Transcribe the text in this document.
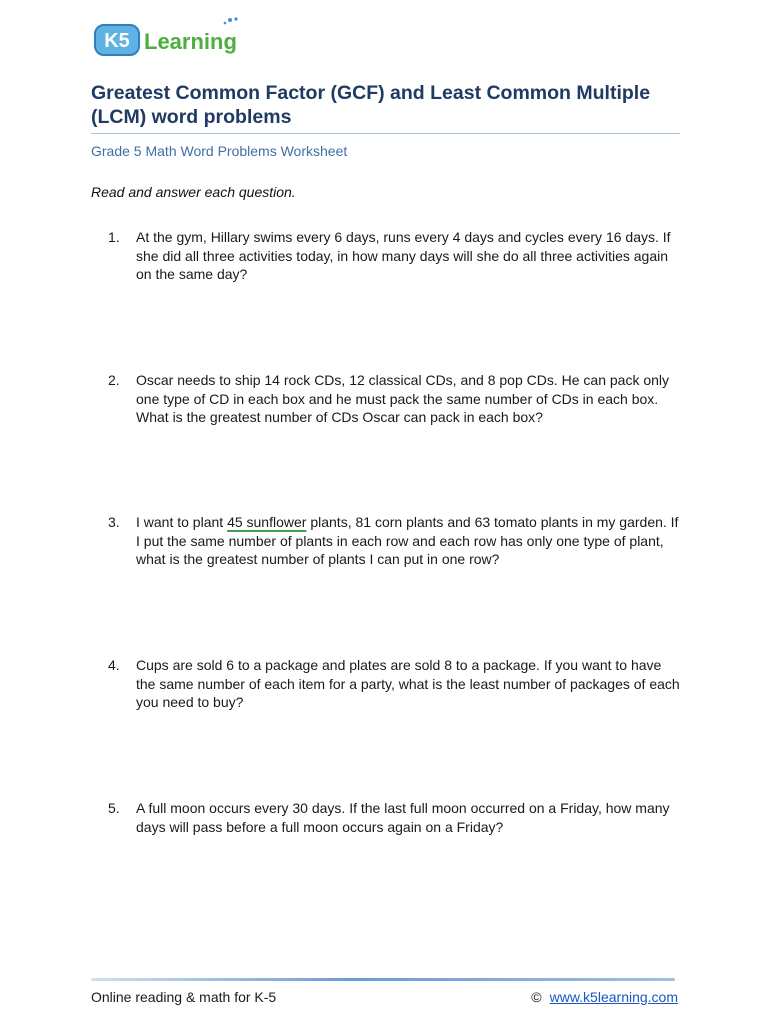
K5 Learning
Greatest Common Factor (GCF) and Least Common Multiple (LCM) word problems
Grade 5 Math Word Problems Worksheet
Read and answer each question.
1.	At the gym, Hillary swims every 6 days, runs every 4 days and cycles every 16 days. If she did all three activities today, in how many days will she do all three activities again on the same day?
2.	Oscar needs to ship 14 rock CDs, 12 classical CDs, and 8 pop CDs. He can pack only one type of CD in each box and he must pack the same number of CDs in each box. What is the greatest number of CDs Oscar can pack in each box?
3.	I want to plant 45 sunflower plants, 81 corn plants and 63 tomato plants in my garden. If I put the same number of plants in each row and each row has only one type of plant, what is the greatest number of plants I can put in one row?
4.	Cups are sold 6 to a package and plates are sold 8 to a package. If you want to have the same number of each item for a party, what is the least number of packages of each you need to buy?
5.	A full moon occurs every 30 days. If the last full moon occurred on a Friday, how many days will pass before a full moon occurs again on a Friday?
Online reading & math for K-5	© www.k5learning.com
